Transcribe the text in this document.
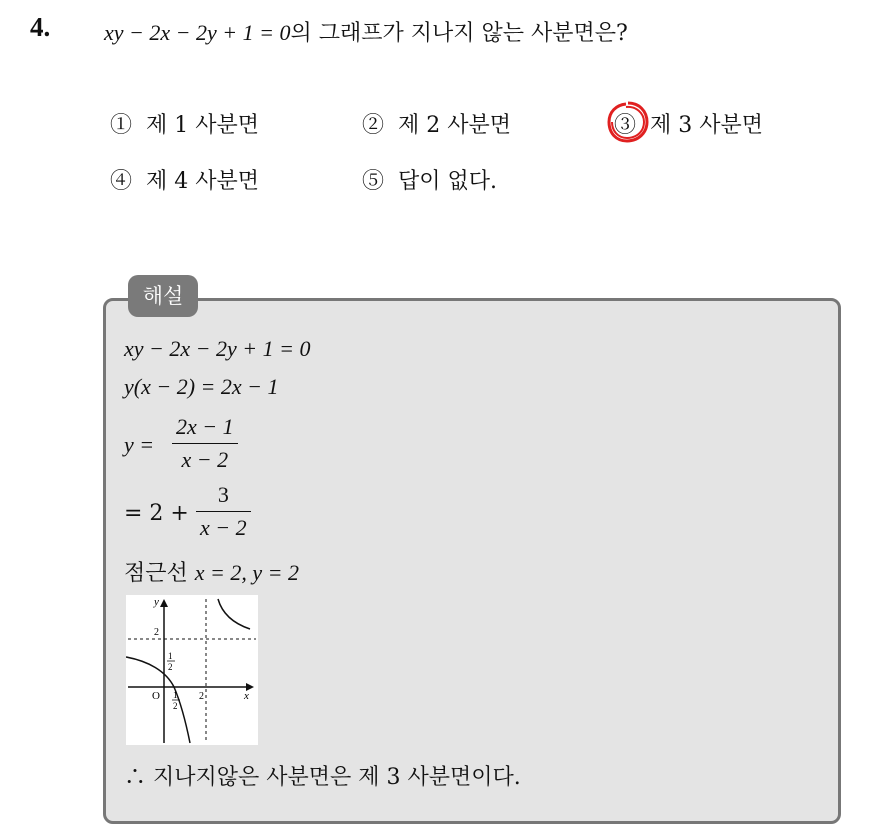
4. xy − 2x − 2y + 1 = 0의 그래프가 지나지 않는 사분면은?
① 제 1 사분면	② 제 2 사분면	③ 제 3 사분면
④ 제 4 사분면	⑤ 답이 없다.
해설
xy − 2x − 2y + 1 = 0
y(x − 2) = 2x − 1
y =
2x − 1
x − 2
= 2 +
3
x − 2
점근선 x = 2, y = 2
y
x
O
2
2
1
2
1
2
∴ 지나지않은 사분면은 제 3 사분면이다.
